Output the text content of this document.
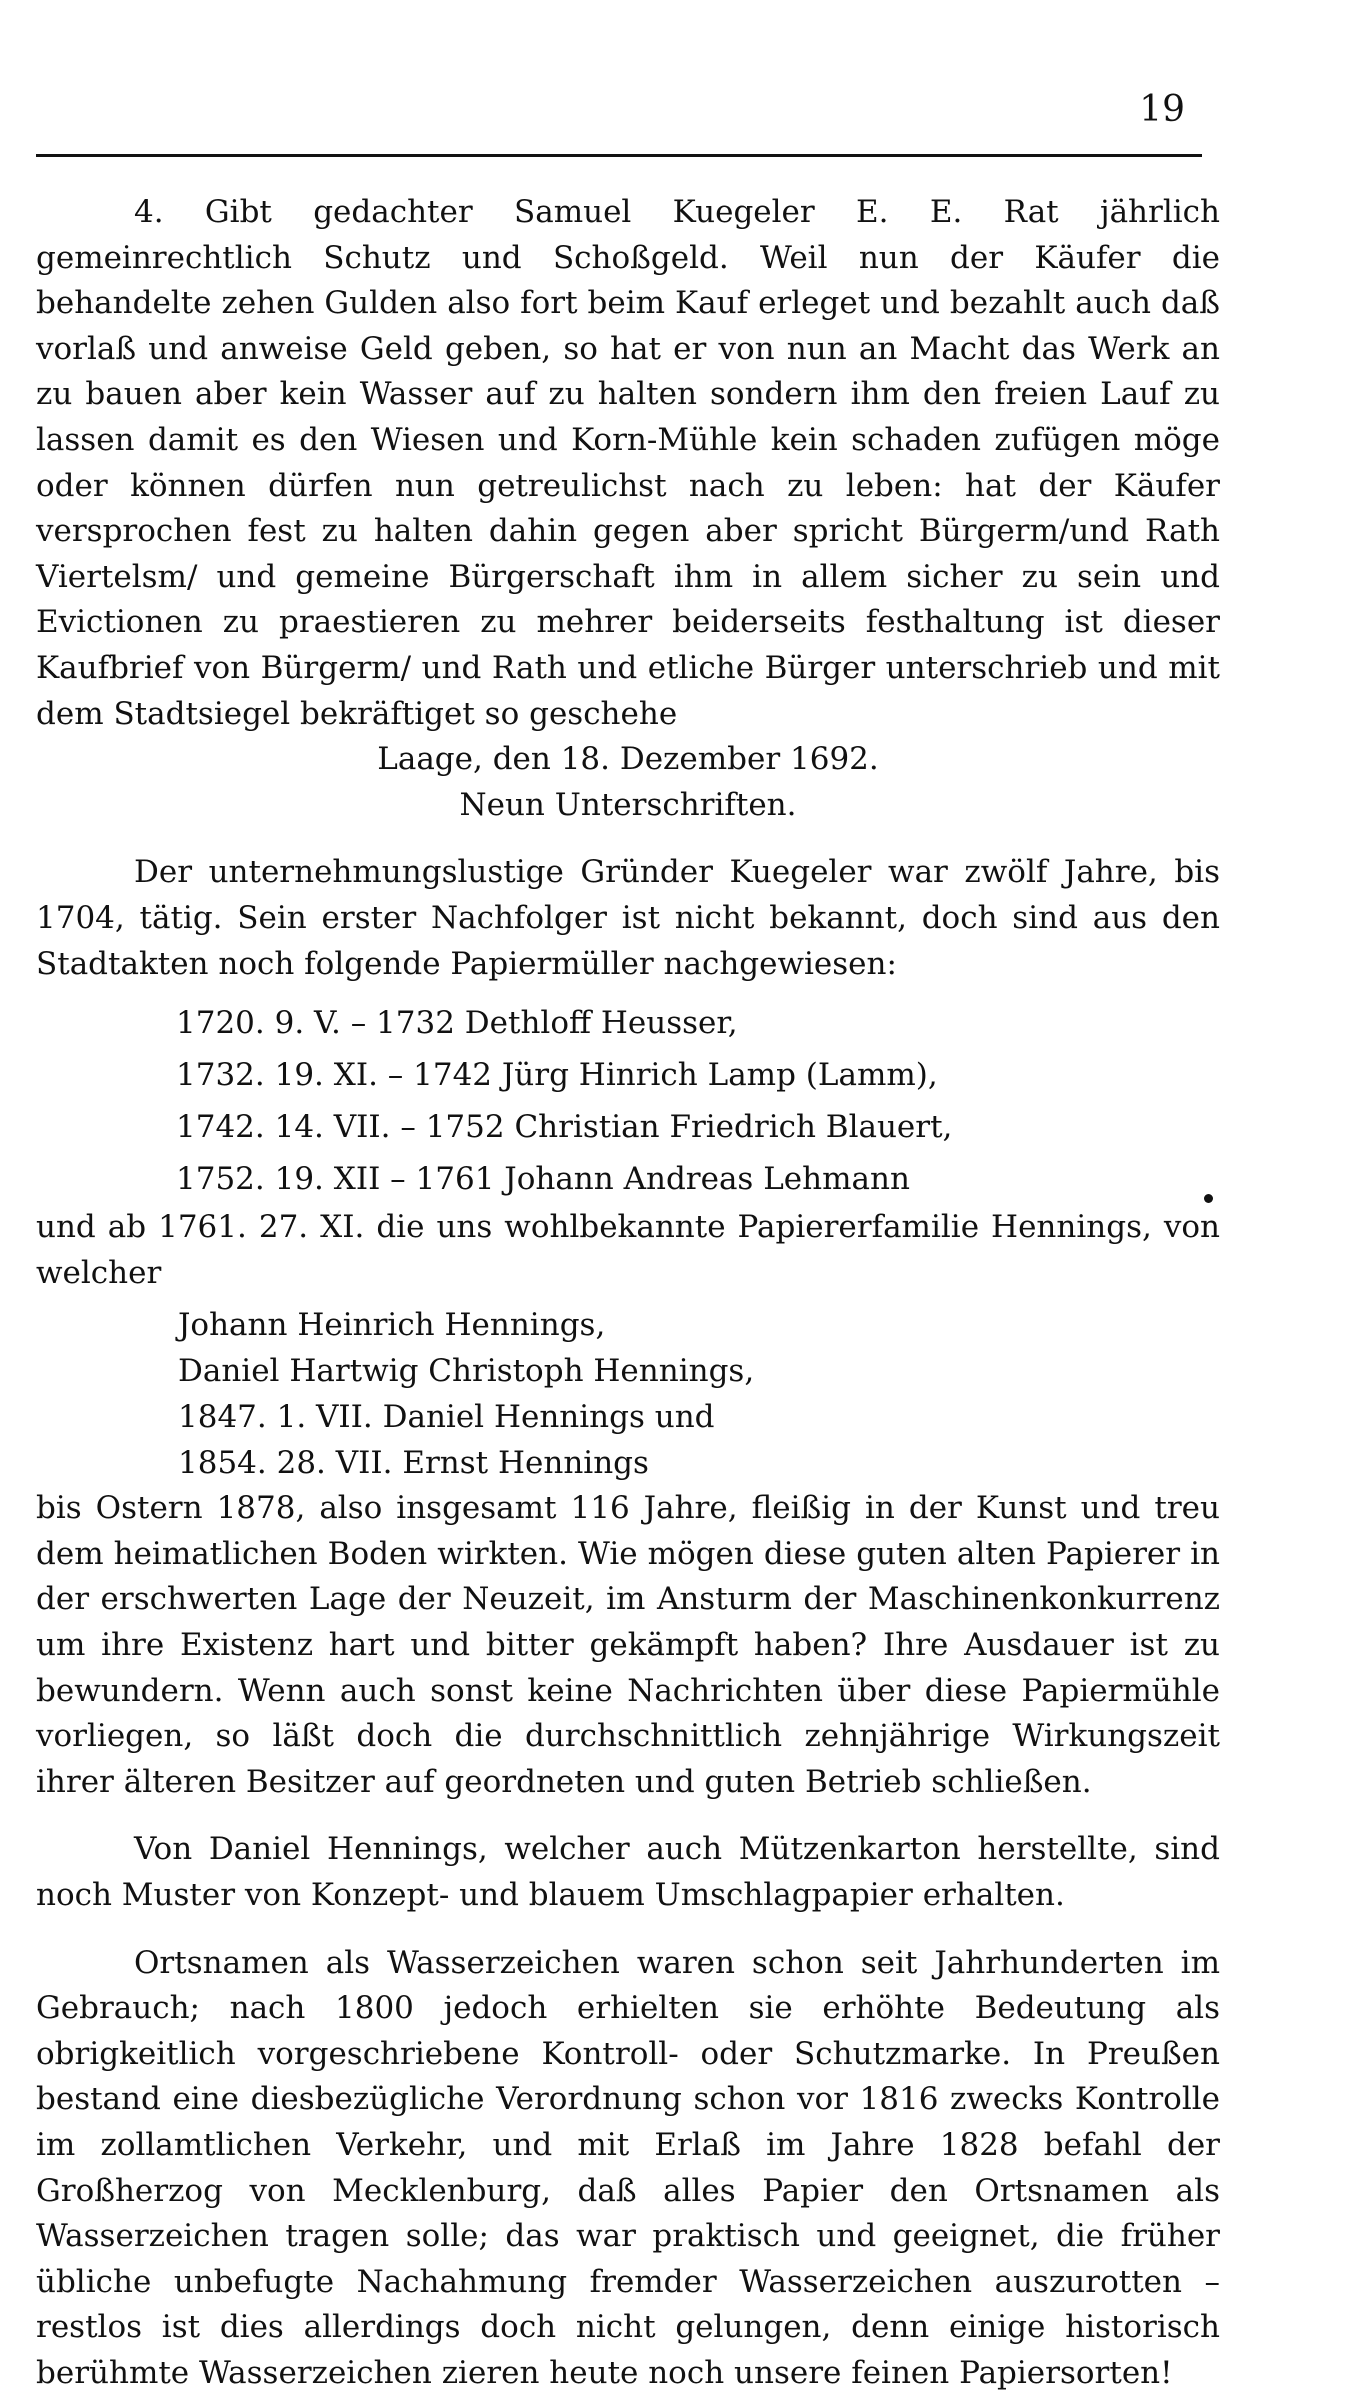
19

4. Gibt gedachter Samuel Kuegeler E. E. Rat jährlich gemeinrechtlich Schutz und Schoßgeld. Weil nun der Käufer die behandelte zehen Gulden also fort beim Kauf erleget und bezahlt auch daß vorlaß und anweise Geld geben, so hat er von nun an Macht das Werk an zu bauen aber kein Wasser auf zu halten sondern ihm den freien Lauf zu lassen damit es den Wiesen und Korn-Mühle kein schaden zufügen möge oder können dürfen nun getreulichst nach zu leben: hat der Käufer versprochen fest zu halten dahin gegen aber spricht Bürgerm/und Rath Viertelsm/ und gemeine Bürgerschaft ihm in allem sicher zu sein und Evictionen zu praestieren zu mehrer beiderseits festhaltung ist dieser Kaufbrief von Bürgerm/ und Rath und etliche Bürger unterschrieb und mit dem Stadtsiegel bekräftiget so geschehe

Laage, den 18. Dezember 1692.

Neun Unterschriften.

Der unternehmungslustige Gründer Kuegeler war zwölf Jahre, bis 1704, tätig. Sein erster Nachfolger ist nicht bekannt, doch sind aus den Stadtakten noch folgende Papiermüller nachgewiesen:

1720. 9. V. – 1732 Dethloff Heusser,
1732. 19. XI. – 1742 Jürg Hinrich Lamp (Lamm),
1742. 14. VII. – 1752 Christian Friedrich Blauert,
1752. 19. XII – 1761 Johann Andreas Lehmann

und ab 1761. 27. XI. die uns wohlbekannte Papiererfamilie Hennings, von welcher

Johann Heinrich Hennings,
Daniel Hartwig Christoph Hennings,
1847. 1. VII. Daniel Hennings und
1854. 28. VII. Ernst Hennings

bis Ostern 1878, also insgesamt 116 Jahre, fleißig in der Kunst und treu dem heimatlichen Boden wirkten. Wie mögen diese guten alten Papierer in der erschwerten Lage der Neuzeit, im Ansturm der Maschinenkonkurrenz um ihre Existenz hart und bitter gekämpft haben? Ihre Ausdauer ist zu bewundern. Wenn auch sonst keine Nachrichten über diese Papiermühle vorliegen, so läßt doch die durchschnittlich zehnjährige Wirkungszeit ihrer älteren Besitzer auf geordneten und guten Betrieb schließen.

Von Daniel Hennings, welcher auch Mützenkarton herstellte, sind noch Muster von Konzept- und blauem Umschlagpapier erhalten.

Ortsnamen als Wasserzeichen waren schon seit Jahrhunderten im Gebrauch; nach 1800 jedoch erhielten sie erhöhte Bedeutung als obrigkeitlich vorgeschriebene Kontroll- oder Schutzmarke. In Preußen bestand eine diesbezügliche Verordnung schon vor 1816 zwecks Kontrolle im zollamtlichen Verkehr, und mit Erlaß im Jahre 1828 befahl der Großherzog von Mecklenburg, daß alles Papier den Ortsnamen als Wasserzeichen tragen solle; das war praktisch und geeignet, die früher übliche unbefugte Nachahmung fremder Wasserzeichen auszurotten – restlos ist dies allerdings doch nicht gelungen, denn einige historisch berühmte Wasserzeichen zieren heute noch unsere feinen Papiersorten!
